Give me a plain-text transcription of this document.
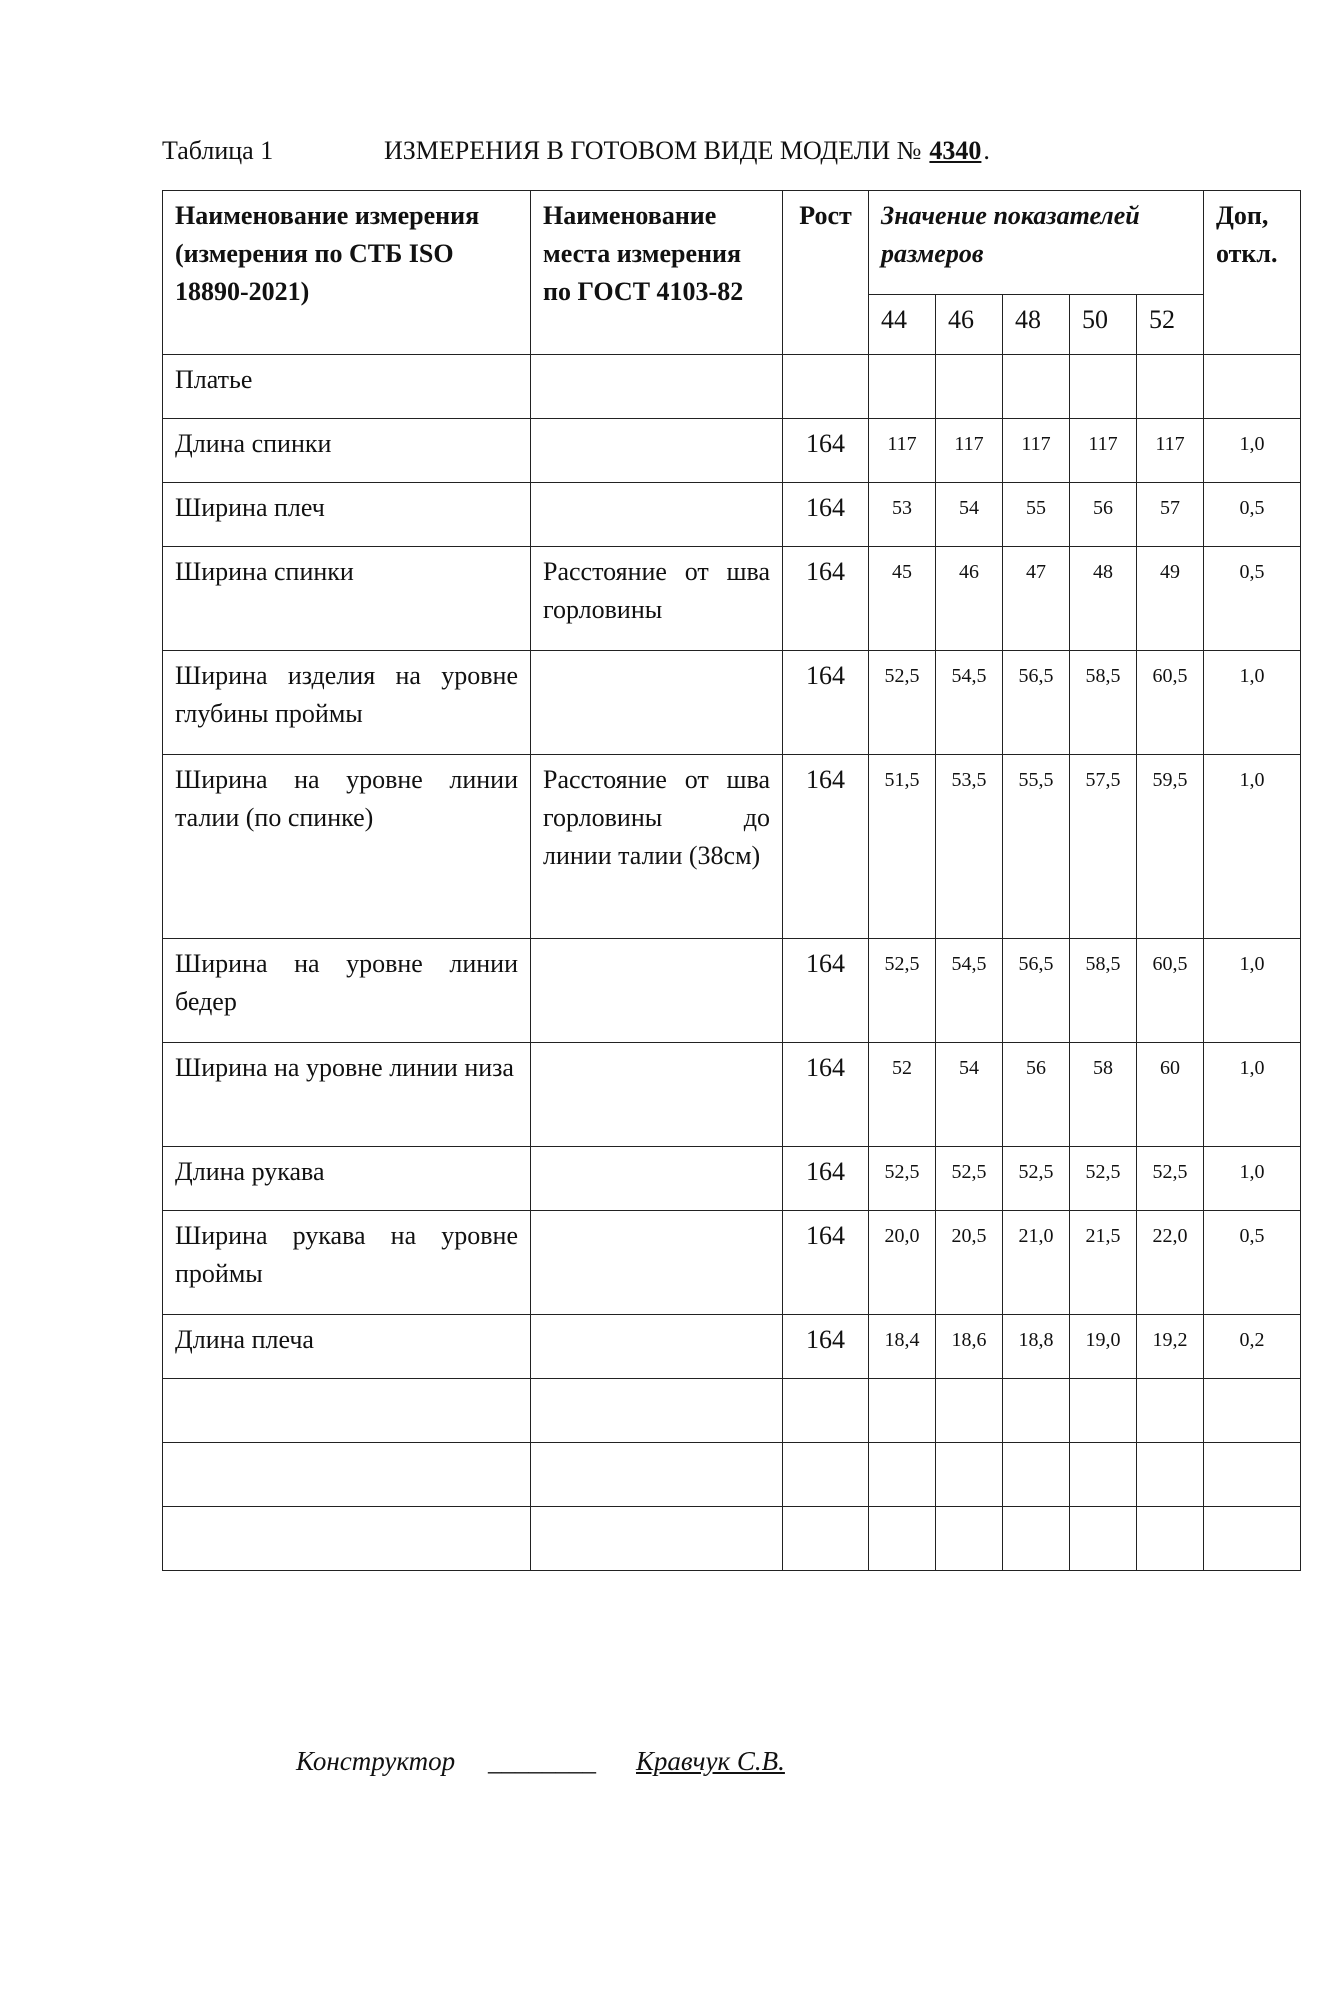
Таблица 1	ИЗМЕРЕНИЯ В ГОТОВОМ ВИДЕ МОДЕЛИ № 4340.
Наименование измерения (измерения по СТБ ISO 18890-2021)	Наименование места измерения по ГОСТ 4103-82	Рост	Значение показателей размеров					Доп, откл.
			44	46	48	50	52	
Платье								
Длина спинки		164	117	117	117	117	117	1,0
Ширина плеч		164	53	54	55	56	57	0,5
Ширина спинки	Расстояние от шва горловины	164	45	46	47	48	49	0,5
Ширина изделия на уровне глубины проймы		164	52,5	54,5	56,5	58,5	60,5	1,0
Ширина на уровне линии талии (по спинке)	Расстояние от шва горловины до линии талии (38см)	164	51,5	53,5	55,5	57,5	59,5	1,0
Ширина на уровне линии бедер		164	52,5	54,5	56,5	58,5	60,5	1,0
Ширина на уровне линии низа		164	52	54	56	58	60	1,0
Длина рукава		164	52,5	52,5	52,5	52,5	52,5	1,0
Ширина рукава на уровне проймы		164	20,0	20,5	21,0	21,5	22,0	0,5
Длина плеча		164	18,4	18,6	18,8	19,0	19,2	0,2

Конструктор ________ Кравчук С.В.
